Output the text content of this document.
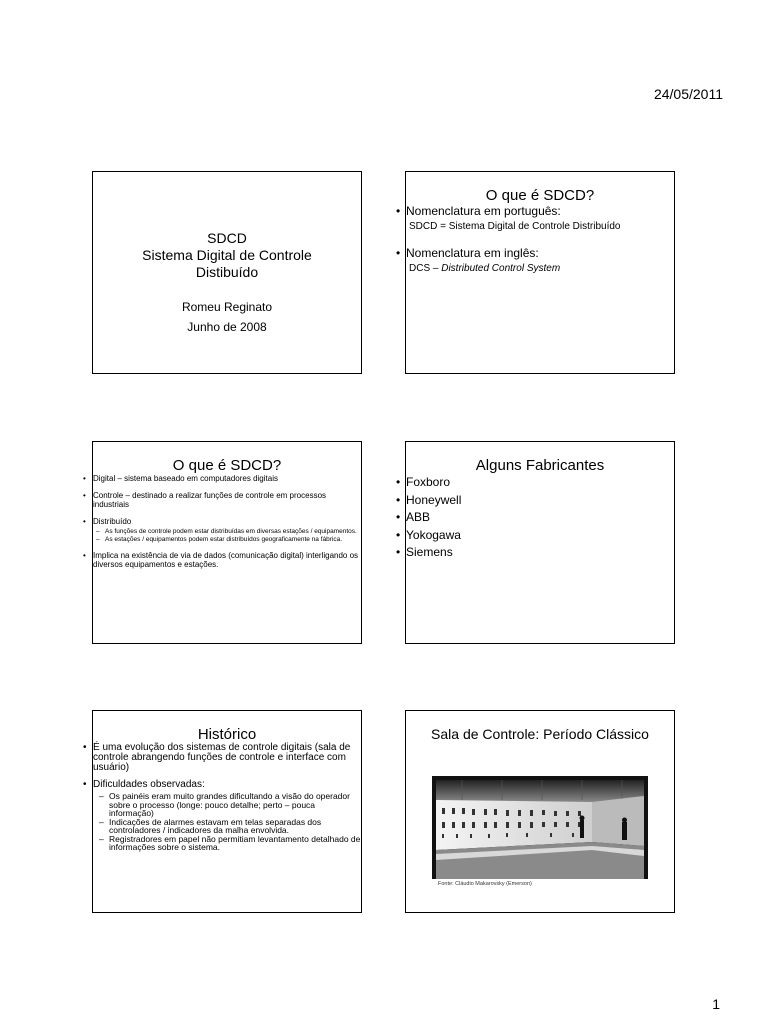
24/05/2011
SDCD
Sistema Digital de Controle
Distibuído
Romeu Reginato
Junho de 2008
O que é SDCD?
• Nomenclatura em português:
SDCD = Sistema Digital de Controle Distribuído
• Nomenclatura em inglês:
DCS – Distributed Control System
O que é SDCD?
• Digital – sistema baseado em computadores digitais
• Controle – destinado a realizar funções de controle em processos industriais
• Distribuído
– As funções de controle podem estar distribuídas em diversas estações / equipamentos.
– As estações / equipamentos podem estar distribuídos geograficamente na fábrica.
• Implica na existência de via de dados (comunicação digital) interligando os diversos equipamentos e estações.
Alguns Fabricantes
• Foxboro
• Honeywell
• ABB
• Yokogawa
• Siemens
Histórico
• É uma evolução dos sistemas de controle digitais (sala de controle abrangendo funções de controle e interface com usuário)
• Dificuldades observadas:
– Os painéis eram muito grandes dificultando a visão do operador sobre o processo (longe: pouco detalhe; perto – pouca informação)
– Indicações de alarmes estavam em telas separadas dos controladores / indicadores da malha envolvida.
– Registradores em papel não permitiam levantamento detalhado de informações sobre o sistema.
Sala de Controle: Período Clássico
Fonte: Cláudio Makarovsky (Emerson)
1
